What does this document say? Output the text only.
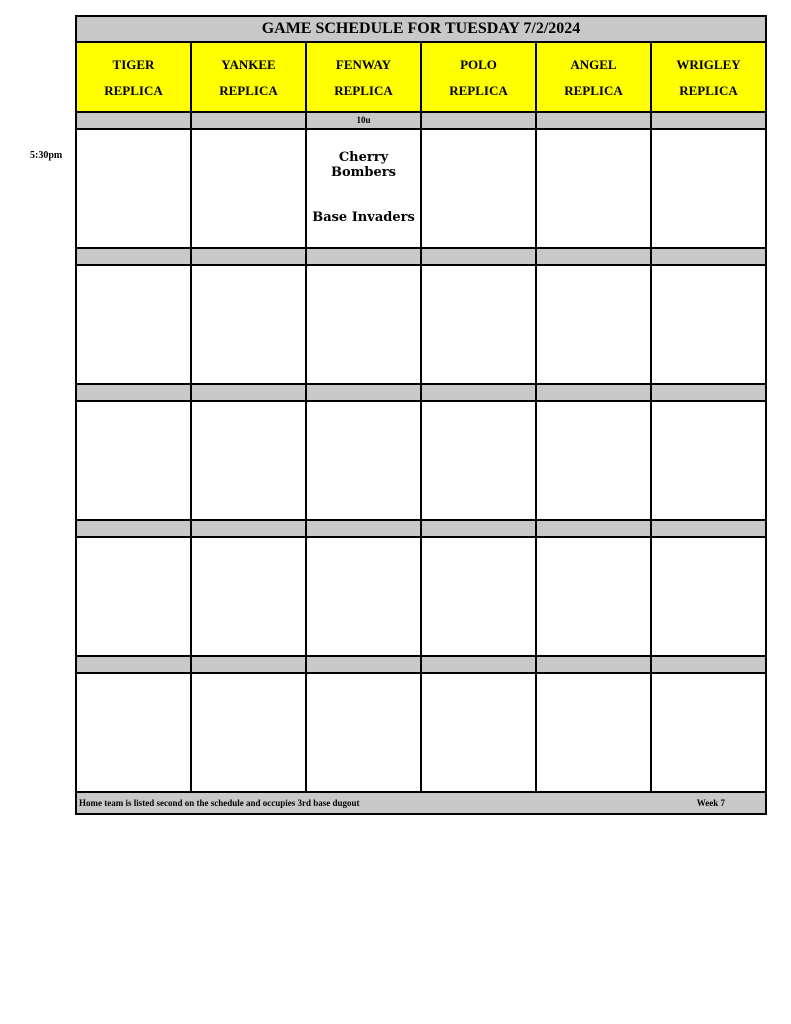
5:30pm
GAME SCHEDULE FOR TUESDAY 7/2/2024
TIGER
REPLICA
YANKEE
REPLICA
FENWAY
REPLICA
POLO
REPLICA
ANGEL
REPLICA
WRIGLEY
REPLICA
10u
Cherry Bombers
Base Invaders
Home team is listed second on the schedule and occupies 3rd base dugout	Week 7
